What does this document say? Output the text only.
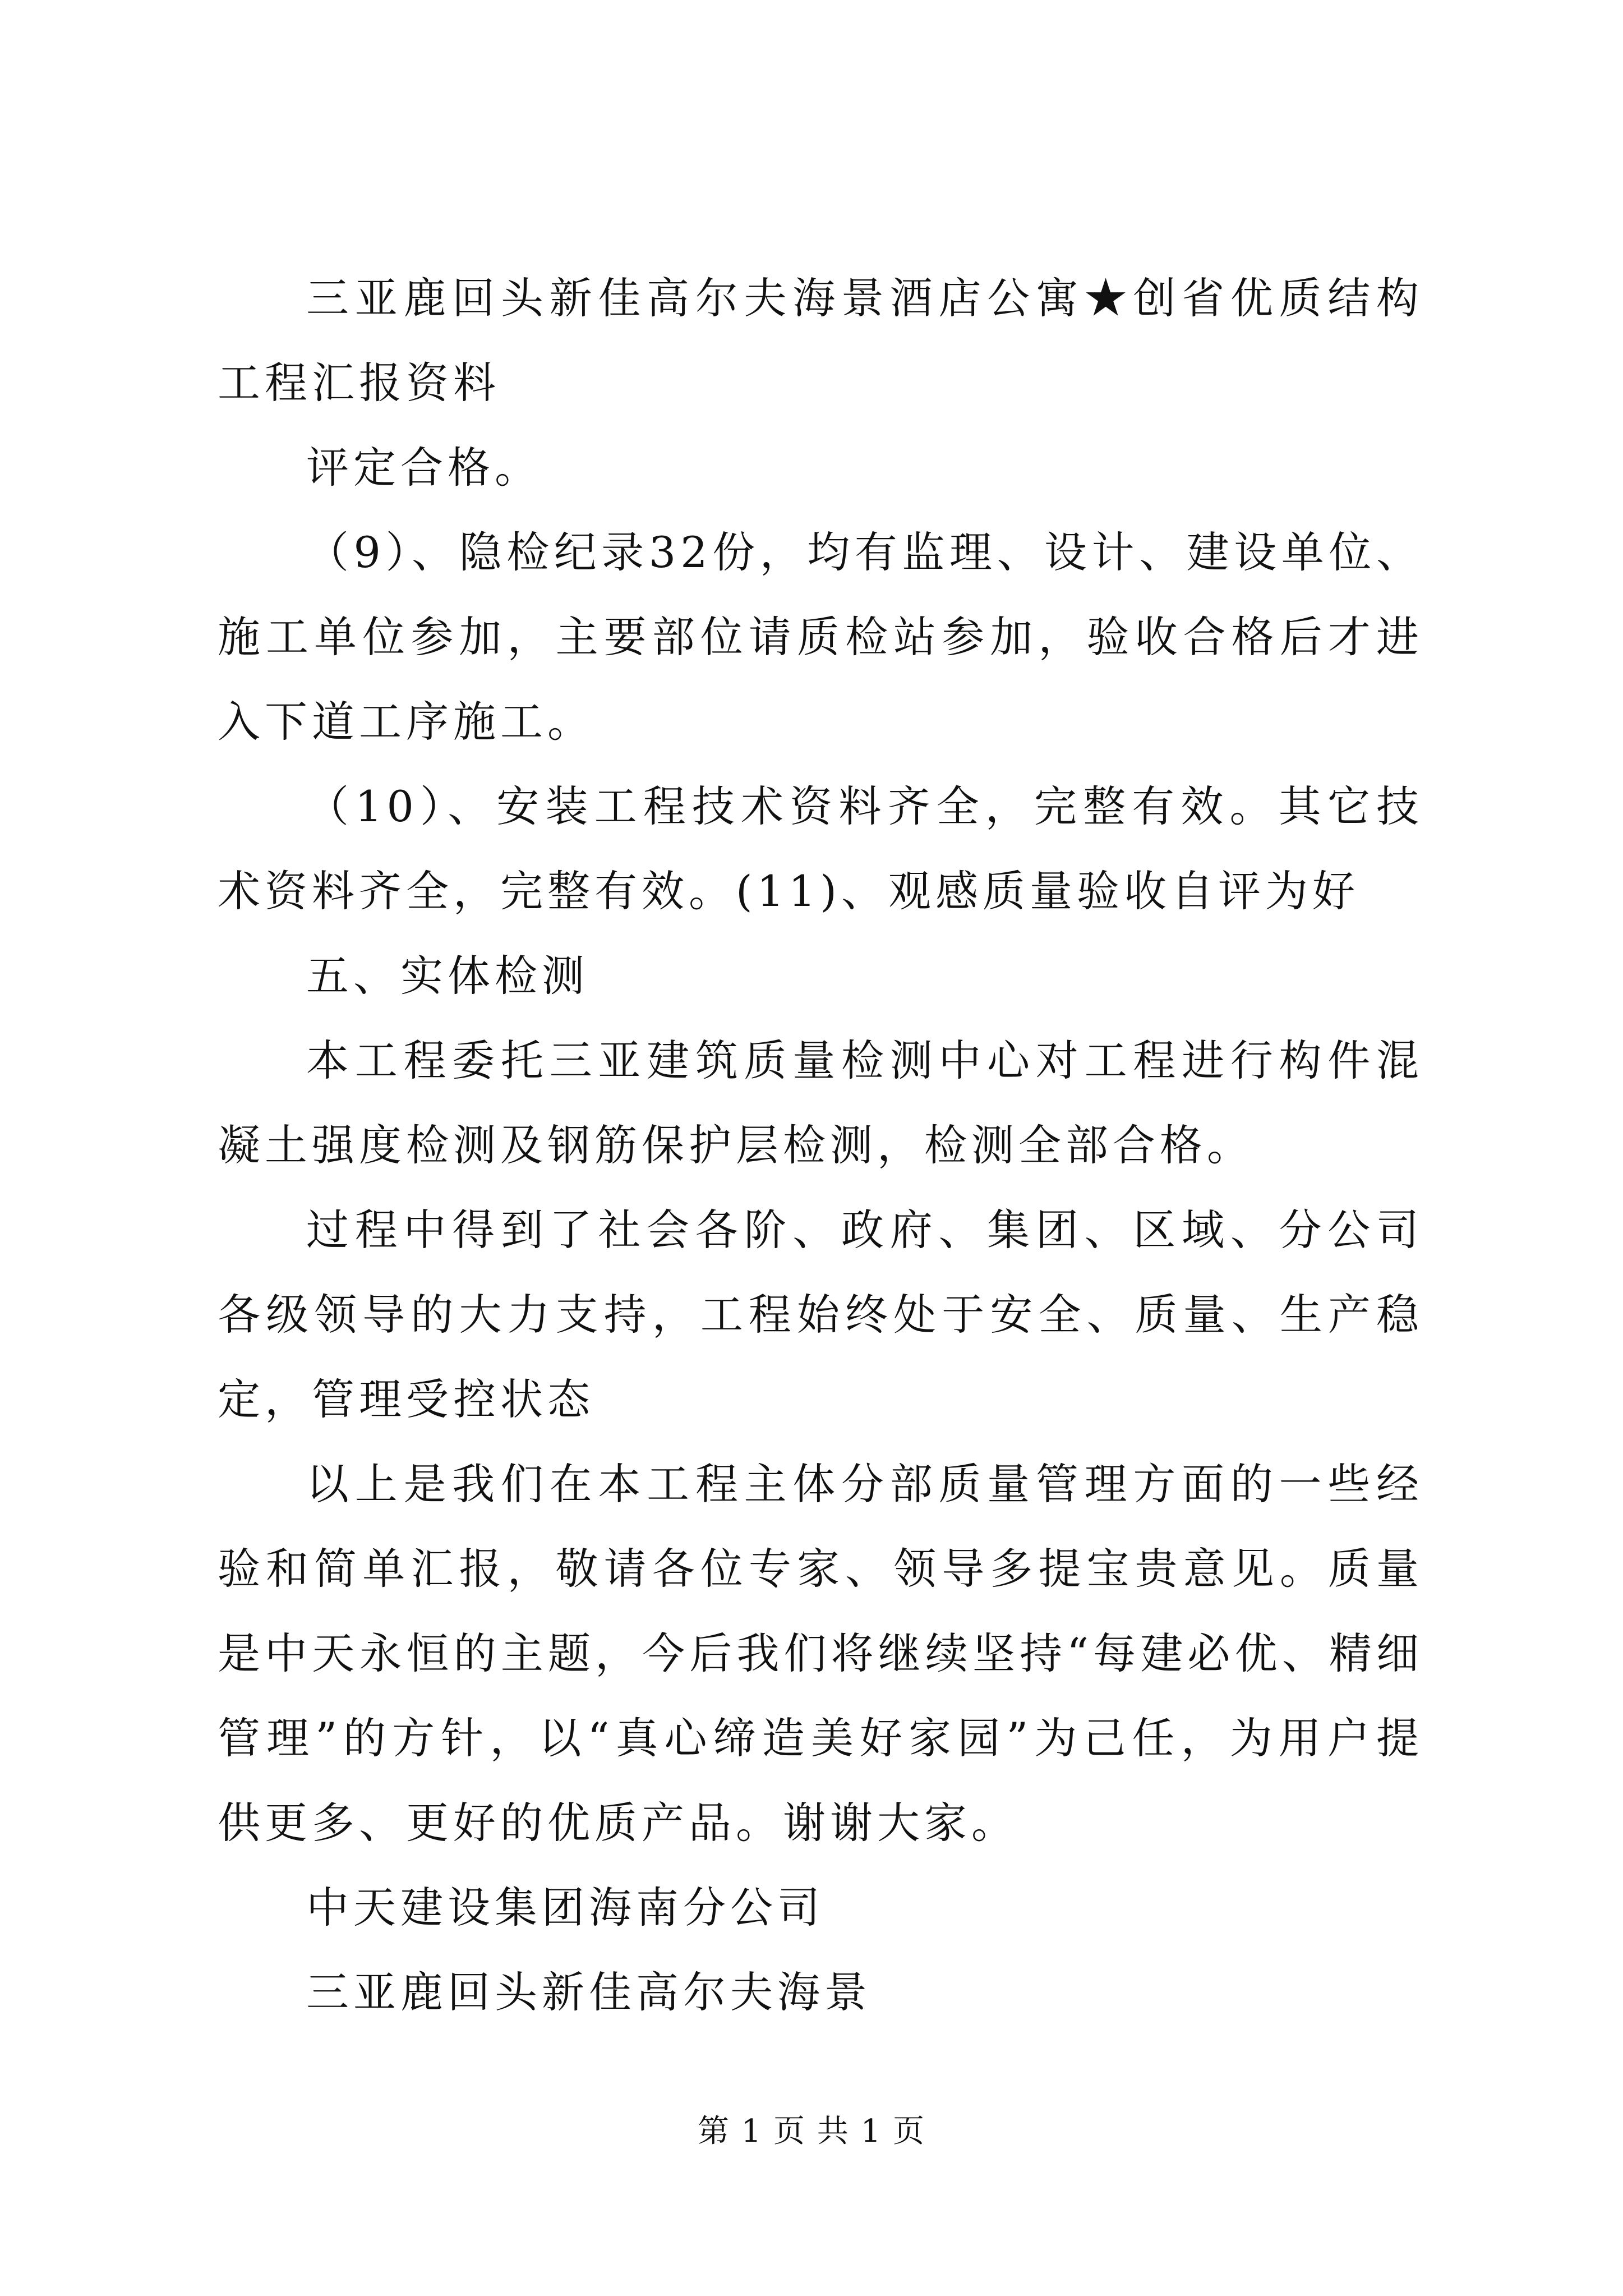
三亚鹿回头新佳高尔夫海景酒店公寓★创省优质结构工程汇报资料

评定合格。

（9）、隐检纪录32份，均有监理、设计、建设单位、施工单位参加，主要部位请质检站参加，验收合格后才进入下道工序施工。

（10）、安装工程技术资料齐全，完整有效。其它技术资料齐全，完整有效。(11)、观感质量验收自评为好

五、实体检测

本工程委托三亚建筑质量检测中心对工程进行构件混凝土强度检测及钢筋保护层检测，检测全部合格。

过程中得到了社会各阶、政府、集团、区域、分公司各级领导的大力支持，工程始终处于安全、质量、生产稳定，管理受控状态

以上是我们在本工程主体分部质量管理方面的一些经验和简单汇报，敬请各位专家、领导多提宝贵意见。质量是中天永恒的主题，今后我们将继续坚持“每建必优、精细管理”的方针，以“真心缔造美好家园”为己任，为用户提供更多、更好的优质产品。谢谢大家。

中天建设集团海南分公司

三亚鹿回头新佳高尔夫海景

第 1 页 共 1 页
